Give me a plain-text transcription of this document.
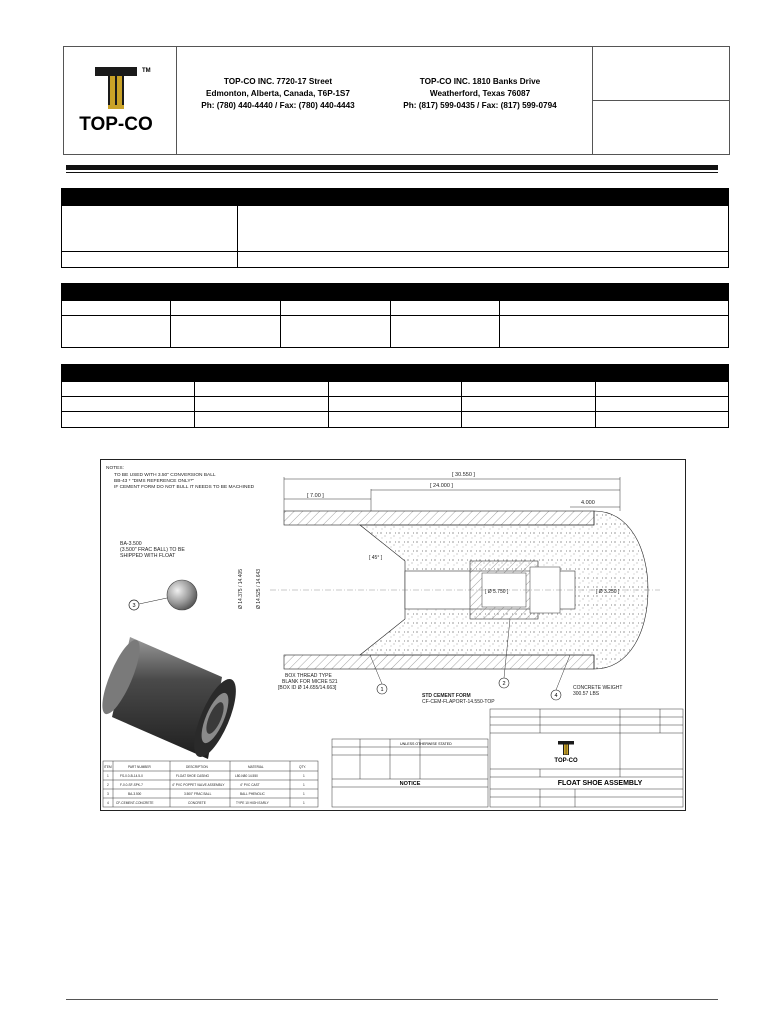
TM
TOP-CO
TOP-CO INC. 7720-17 Street
Edmonton, Alberta, Canada, T6P-1S7
Ph: (780) 440-4440 / Fax: (780) 440-4443
TOP-CO INC. 1810 Banks Drive
Weatherford, Texas 76087
Ph: (817) 599-0435 / Fax: (817) 599-0794
NOTES:
TO BE USED WITH 3.50" CONVERSION BALL
BB-43 * "DIMS REFERENCE ONLY*"
IF CEMENT FORM DO NOT BULL IT NEEDS TO BE MACHINED
BA-3.500
(3.500" FRAC BALL) TO BE
SHIPPED WITH FLOAT
3
[ 30.550 ]
[ 24.000 ]
[ 7.00 ]
4.000
[ 45° ]
[ Ø 5.750 ]	[ Ø 3.250 ]
Ø 14.375 / 14.405 Ø 14.525 / 14.643
BOX THREAD TYPE
BLANK FOR MICRE 521
[BOX ID Ø 14.655/14.663]
STD CEMENT FORM
CF-CEM-FLAPORT-14.550-TOP
CONCRETE WEIGHT
300.57 LBS
1
2
4
ITEM	PART NUMBER	DESCRIPTION	MATERIAL	QTY.
1	FS-0.0-B-14.5-0	FLOAT SHOE CASING	L80-N80 14.550	1
2	F-0.0-SF-SPK-7	4" PVC POPPET VALVE ASSEMBLY	4" PVC CAST	1
3	BA-3.500	3.500" FRAC BALL	BALL PHENOLIC	1
4 CF-CEMENT-CONCRETE	CONCRETE	TYPE 10 HIGH EARLY	1
UNLESS OTHERWISE STATED
NOTICE
TOP-CO
FLOAT SHOE ASSEMBLY
